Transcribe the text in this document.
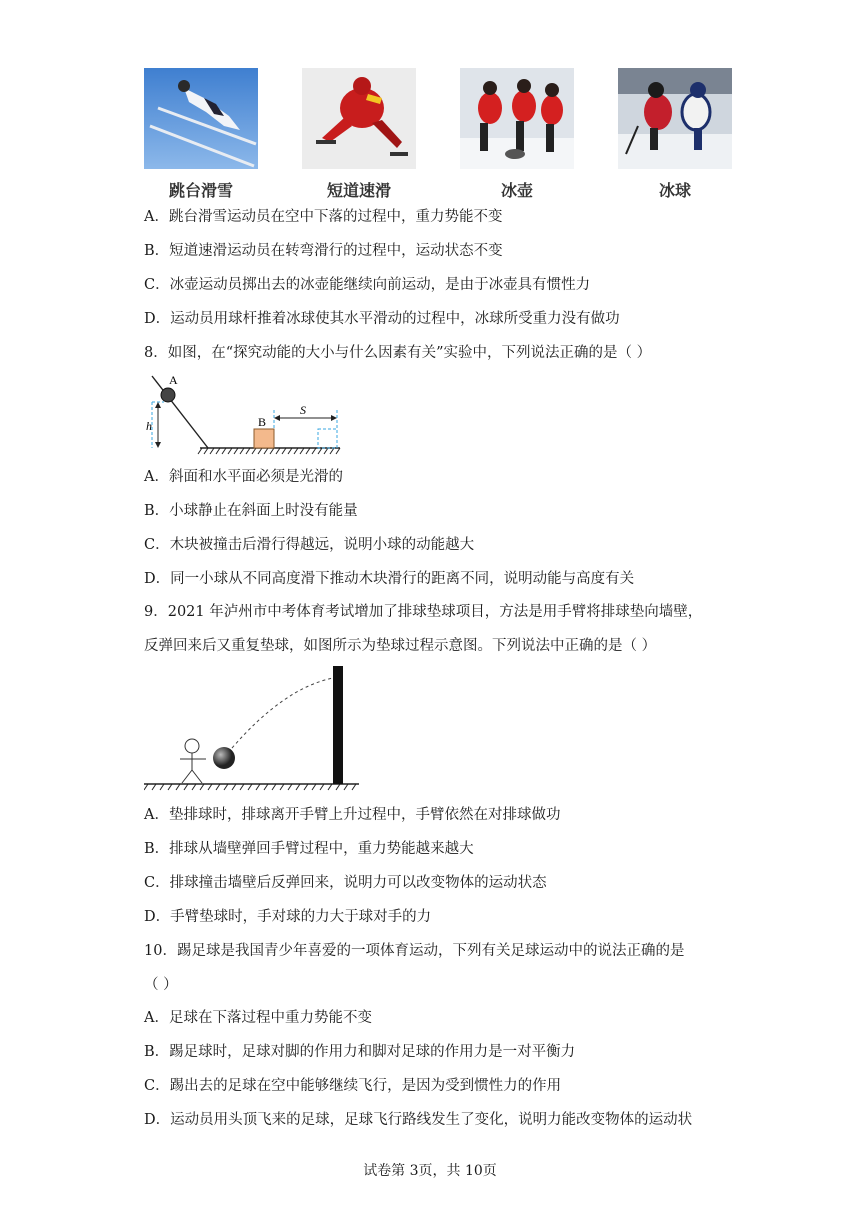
跳台滑雪	短道速滑	冰壶	冰球
A．跳台滑雪运动员在空中下落的过程中，重力势能不变
B．短道速滑运动员在转弯滑行的过程中，运动状态不变
C．冰壶运动员掷出去的冰壶能继续向前运动，是由于冰壶具有惯性力
D．运动员用球杆推着冰球使其水平滑动的过程中，冰球所受重力没有做功
8．如图，在“探究动能的大小与什么因素有关”实验中，下列说法正确的是（ ）
A
h	B
S
A．斜面和水平面必须是光滑的
B．小球静止在斜面上时没有能量
C．木块被撞击后滑行得越远，说明小球的动能越大
D．同一小球从不同高度滑下推动木块滑行的距离不同，说明动能与高度有关
9．2021 年泸州市中考体育考试增加了排球垫球项目，方法是用手臂将排球垫向墙壁，
反弹回来后又重复垫球，如图所示为垫球过程示意图。下列说法中正确的是（ ）
A．垫排球时，排球离开手臂上升过程中，手臂依然在对排球做功
B．排球从墙壁弹回手臂过程中，重力势能越来越大
C．排球撞击墙壁后反弹回来，说明力可以改变物体的运动状态
D．手臂垫球时，手对球的力大于球对手的力
10．踢足球是我国青少年喜爱的一项体育运动，下列有关足球运动中的说法正确的是
（ ）
A．足球在下落过程中重力势能不变
B．踢足球时，足球对脚的作用力和脚对足球的作用力是一对平衡力
C．踢出去的足球在空中能够继续飞行，是因为受到惯性力的作用
D．运动员用头顶飞来的足球，足球飞行路线发生了变化，说明力能改变物体的运动状
试卷第 3页，共 10页
